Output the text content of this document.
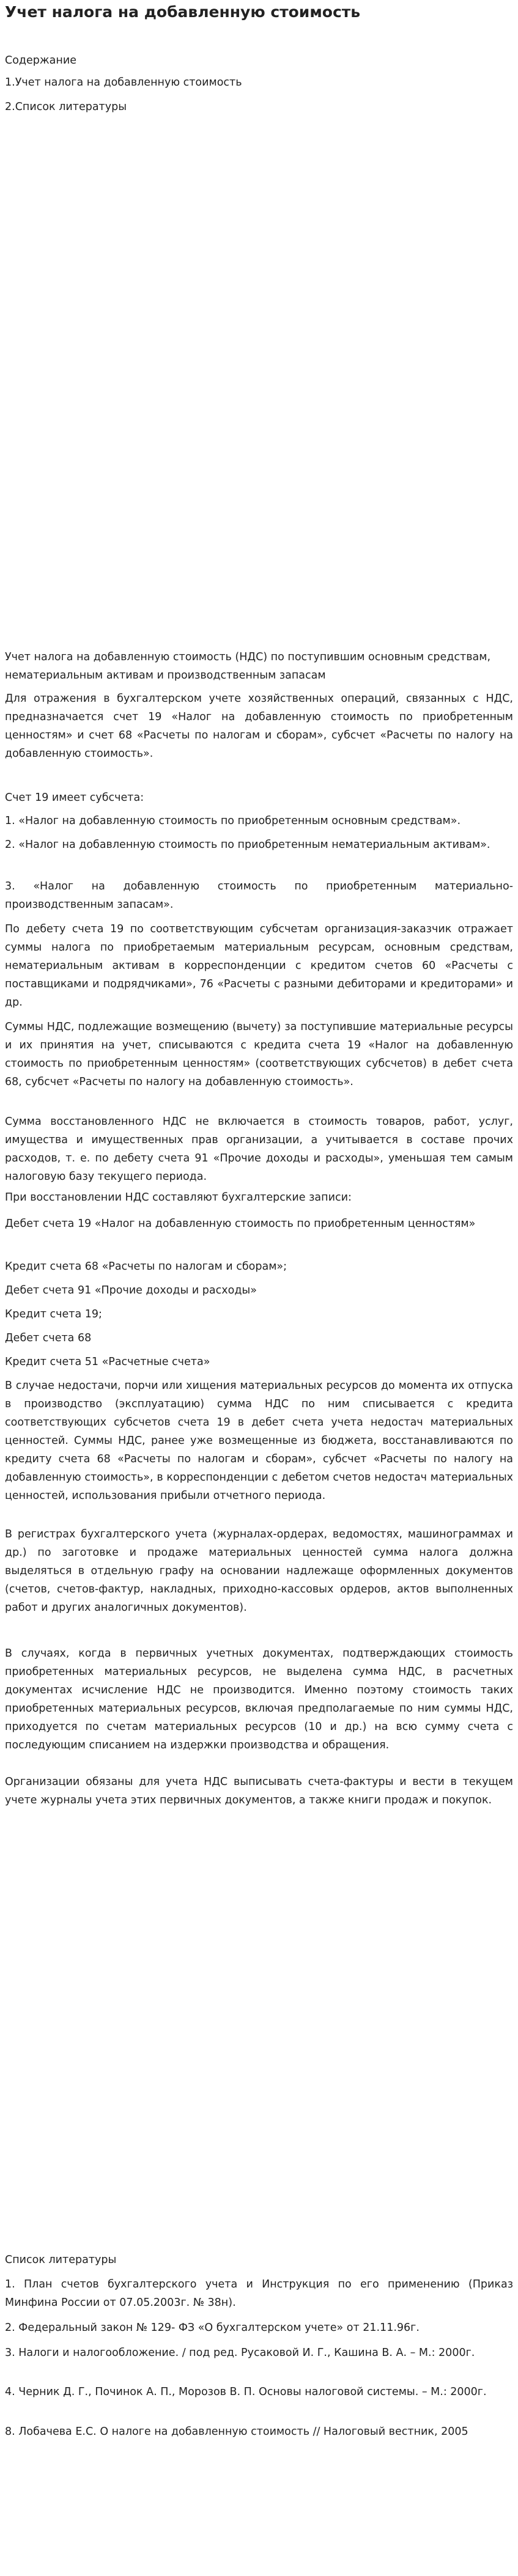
Учет налога на добавленную стоимость

Содержание

1.Учет налога на добавленную стоимость

2.Список литературы

Учет налога на добавленную стоимость (НДС) по поступившим основным средствам, нематериальным активам и производственным запасам

Для отражения в бухгалтерском учете хозяйственных операций, связанных с НДС, предназначается счет 19 «Налог на добавленную стоимость по приобретенным ценностям» и счет 68 «Расчеты по налогам и сборам», субсчет «Расчеты по налогу на добавленную стоимость».

Счет 19 имеет субсчета:

1. «Налог на добавленную стоимость по приобретенным основным средствам».

2. «Налог на добавленную стоимость по приобретенным нематериальным активам».

3. «Налог на добавленную стоимость по приобретенным материально-производственным запасам».

По дебету счета 19 по соответствующим субсчетам организация-заказчик отражает суммы налога по приобретаемым материальным ресурсам, основным средствам, нематериальным активам в корреспонденции с кредитом счетов 60 «Расчеты с поставщиками и подрядчиками», 76 «Расчеты с разными дебиторами и кредиторами» и др.

Суммы НДС, подлежащие возмещению (вычету) за поступившие материальные ресурсы и их принятия на учет, списываются с кредита счета 19 «Налог на добавленную стоимость по приобретенным ценностям» (соответствующих субсчетов) в дебет счета 68, субсчет «Расчеты по налогу на добавленную стоимость».

Сумма восстановленного НДС не включается в стоимость товаров, работ, услуг, имущества и имущественных прав организации, а учитывается в составе прочих расходов, т. е. по дебету счета 91 «Прочие доходы и расходы», уменьшая тем самым налоговую базу текущего периода.

При восстановлении НДС составляют бухгалтерские записи:

Дебет счета 19 «Налог на добавленную стоимость по приобретенным ценностям»

Кредит счета 68 «Расчеты по налогам и сборам»;

Дебет счета 91 «Прочие доходы и расходы»

Кредит счета 19;

Дебет счета 68

Кредит счета 51 «Расчетные счета»

В случае недостачи, порчи или хищения материальных ресурсов до момента их отпуска в производство (эксплуатацию) сумма НДС по ним списывается с кредита соответствующих субсчетов счета 19 в дебет счета учета недостач материальных ценностей. Суммы НДС, ранее уже возмещенные из бюджета, восстанавливаются по кредиту счета 68 «Расчеты по налогам и сборам», субсчет «Расчеты по налогу на добавленную стоимость», в корреспонденции с дебетом счетов недостач материальных ценностей, использования прибыли отчетного периода.

В регистрах бухгалтерского учета (журналах-ордерах, ведомостях, машинограммах и др.) по заготовке и продаже материальных ценностей сумма налога должна выделяться в отдельную графу на основании надлежаще оформленных документов (счетов, счетов-фактур, накладных, приходно-кассовых ордеров, актов выполненных работ и других аналогичных документов).

В случаях, когда в первичных учетных документах, подтверждающих стоимость приобретенных материальных ресурсов, не выделена сумма НДС, в расчетных документах исчисление НДС не производится. Именно поэтому стоимость таких приобретенных материальных ресурсов, включая предполагаемые по ним суммы НДС, приходуется по счетам материальных ресурсов (10 и др.) на всю сумму счета с последующим списанием на издержки производства и обращения.

Организации обязаны для учета НДС выписывать счета-фактуры и вести в текущем учете журналы учета этих первичных документов, а также книги продаж и покупок.

Список литературы

1. План счетов бухгалтерского учета и Инструкция по его применению (Приказ Минфина России от 07.05.2003г. № 38н).

2. Федеральный закон № 129- ФЗ «О бухгалтерском учете» от 21.11.96г.

3. Налоги и налогообложение. / под ред. Русаковой И. Г., Кашина В. А. – М.: 2000г.

4. Черник Д. Г., Починок А. П., Морозов В. П. Основы налоговой системы. – М.: 2000г.

8. Лобачева Е.С. О налоге на добавленную стоимость // Налоговый вестник, 2005
